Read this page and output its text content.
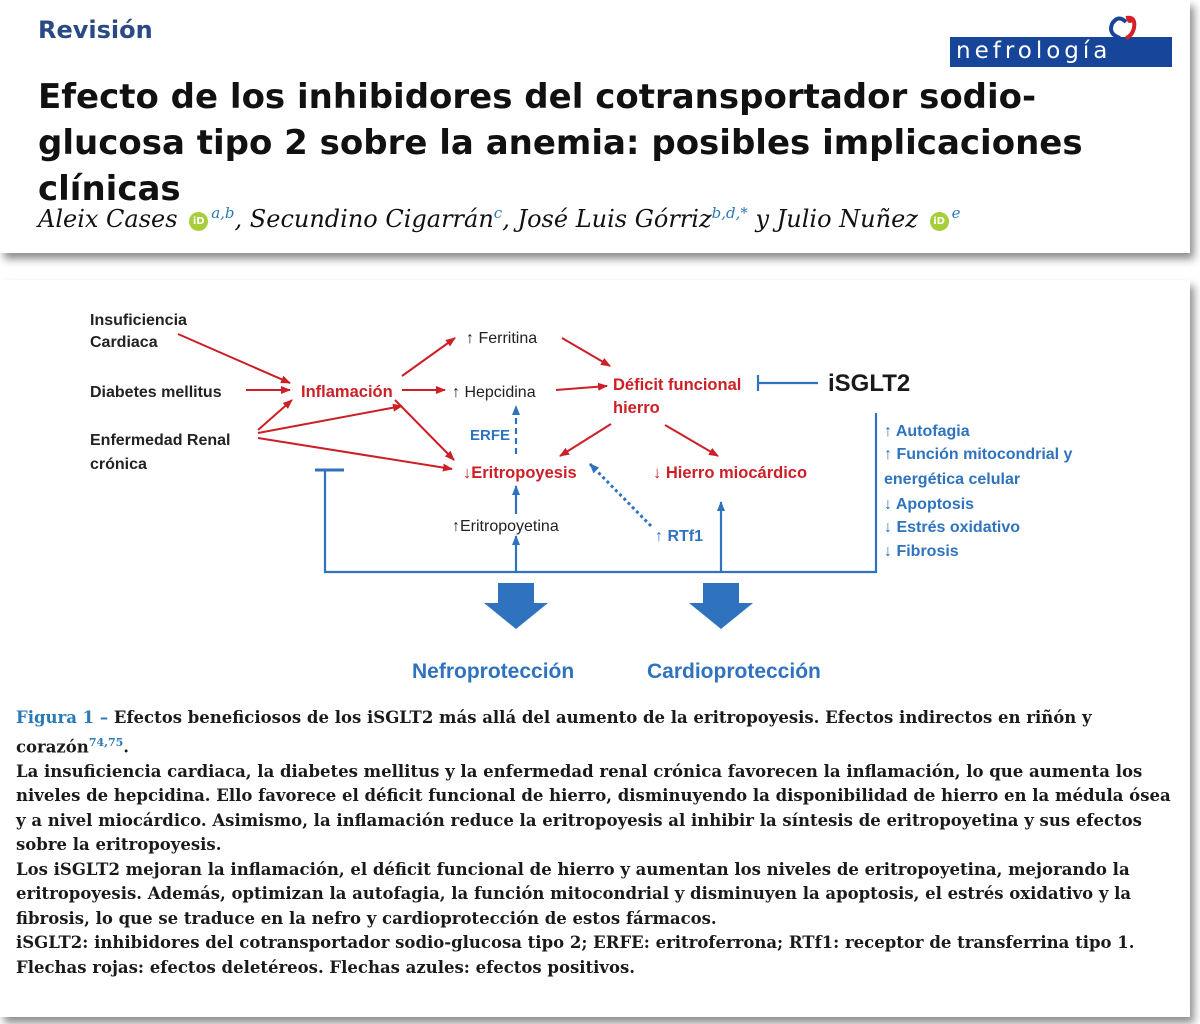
Revisión
nefrología
Efecto de los inhibidores del cotransportador sodio-glucosa tipo 2 sobre la anemia: posibles implicaciones clínicas
Aleix Cases iD $^{a,b}$, Secundino Cigarrán$^c$, José Luis Górriz$^{b,d,*}$ y Julio Nuñez iD $^e$
Insuficiencia
Cardiaca
Diabetes mellitus
Enfermedad Renal
crónica
Inflamación
↑ Ferritina
↑ Hepcidina	Déficit funcional
hierro
iSGLT2
ERFE
↓Eritropoyesis	↓ Hierro miocárdico
↑Eritropoyetina
↑ RTf1
↑ Autofagia
↑ Función mitocondrial y
energética celular
↓ Apoptosis
↓ Estrés oxidativo
↓ Fibrosis
Nefroprotección	Cardioprotección

Figura 1 – Efectos beneficiosos de los iSGLT2 más allá del aumento de la eritropoyesis. Efectos indirectos en riñón y corazón$^{74,75}$.

La insuficiencia cardiaca, la diabetes mellitus y la enfermedad renal crónica favorecen la inflamación, lo que aumenta los niveles de hepcidina. Ello favorece el déficit funcional de hierro, disminuyendo la disponibilidad de hierro en la médula ósea y a nivel miocárdico. Asimismo, la inflamación reduce la eritropoyesis al inhibir la síntesis de eritropoyetina y sus efectos sobre la eritropoyesis.

Los iSGLT2 mejoran la inflamación, el déficit funcional de hierro y aumentan los niveles de eritropoyetina, mejorando la eritropoyesis. Además, optimizan la autofagia, la función mitocondrial y disminuyen la apoptosis, el estrés oxidativo y la fibrosis, lo que se traduce en la nefro y cardioprotección de estos fármacos.

iSGLT2: inhibidores del cotransportador sodio-glucosa tipo 2; ERFE: eritroferrona; RTf1: receptor de transferrina tipo 1.

Flechas rojas: efectos deletéreos. Flechas azules: efectos positivos.
